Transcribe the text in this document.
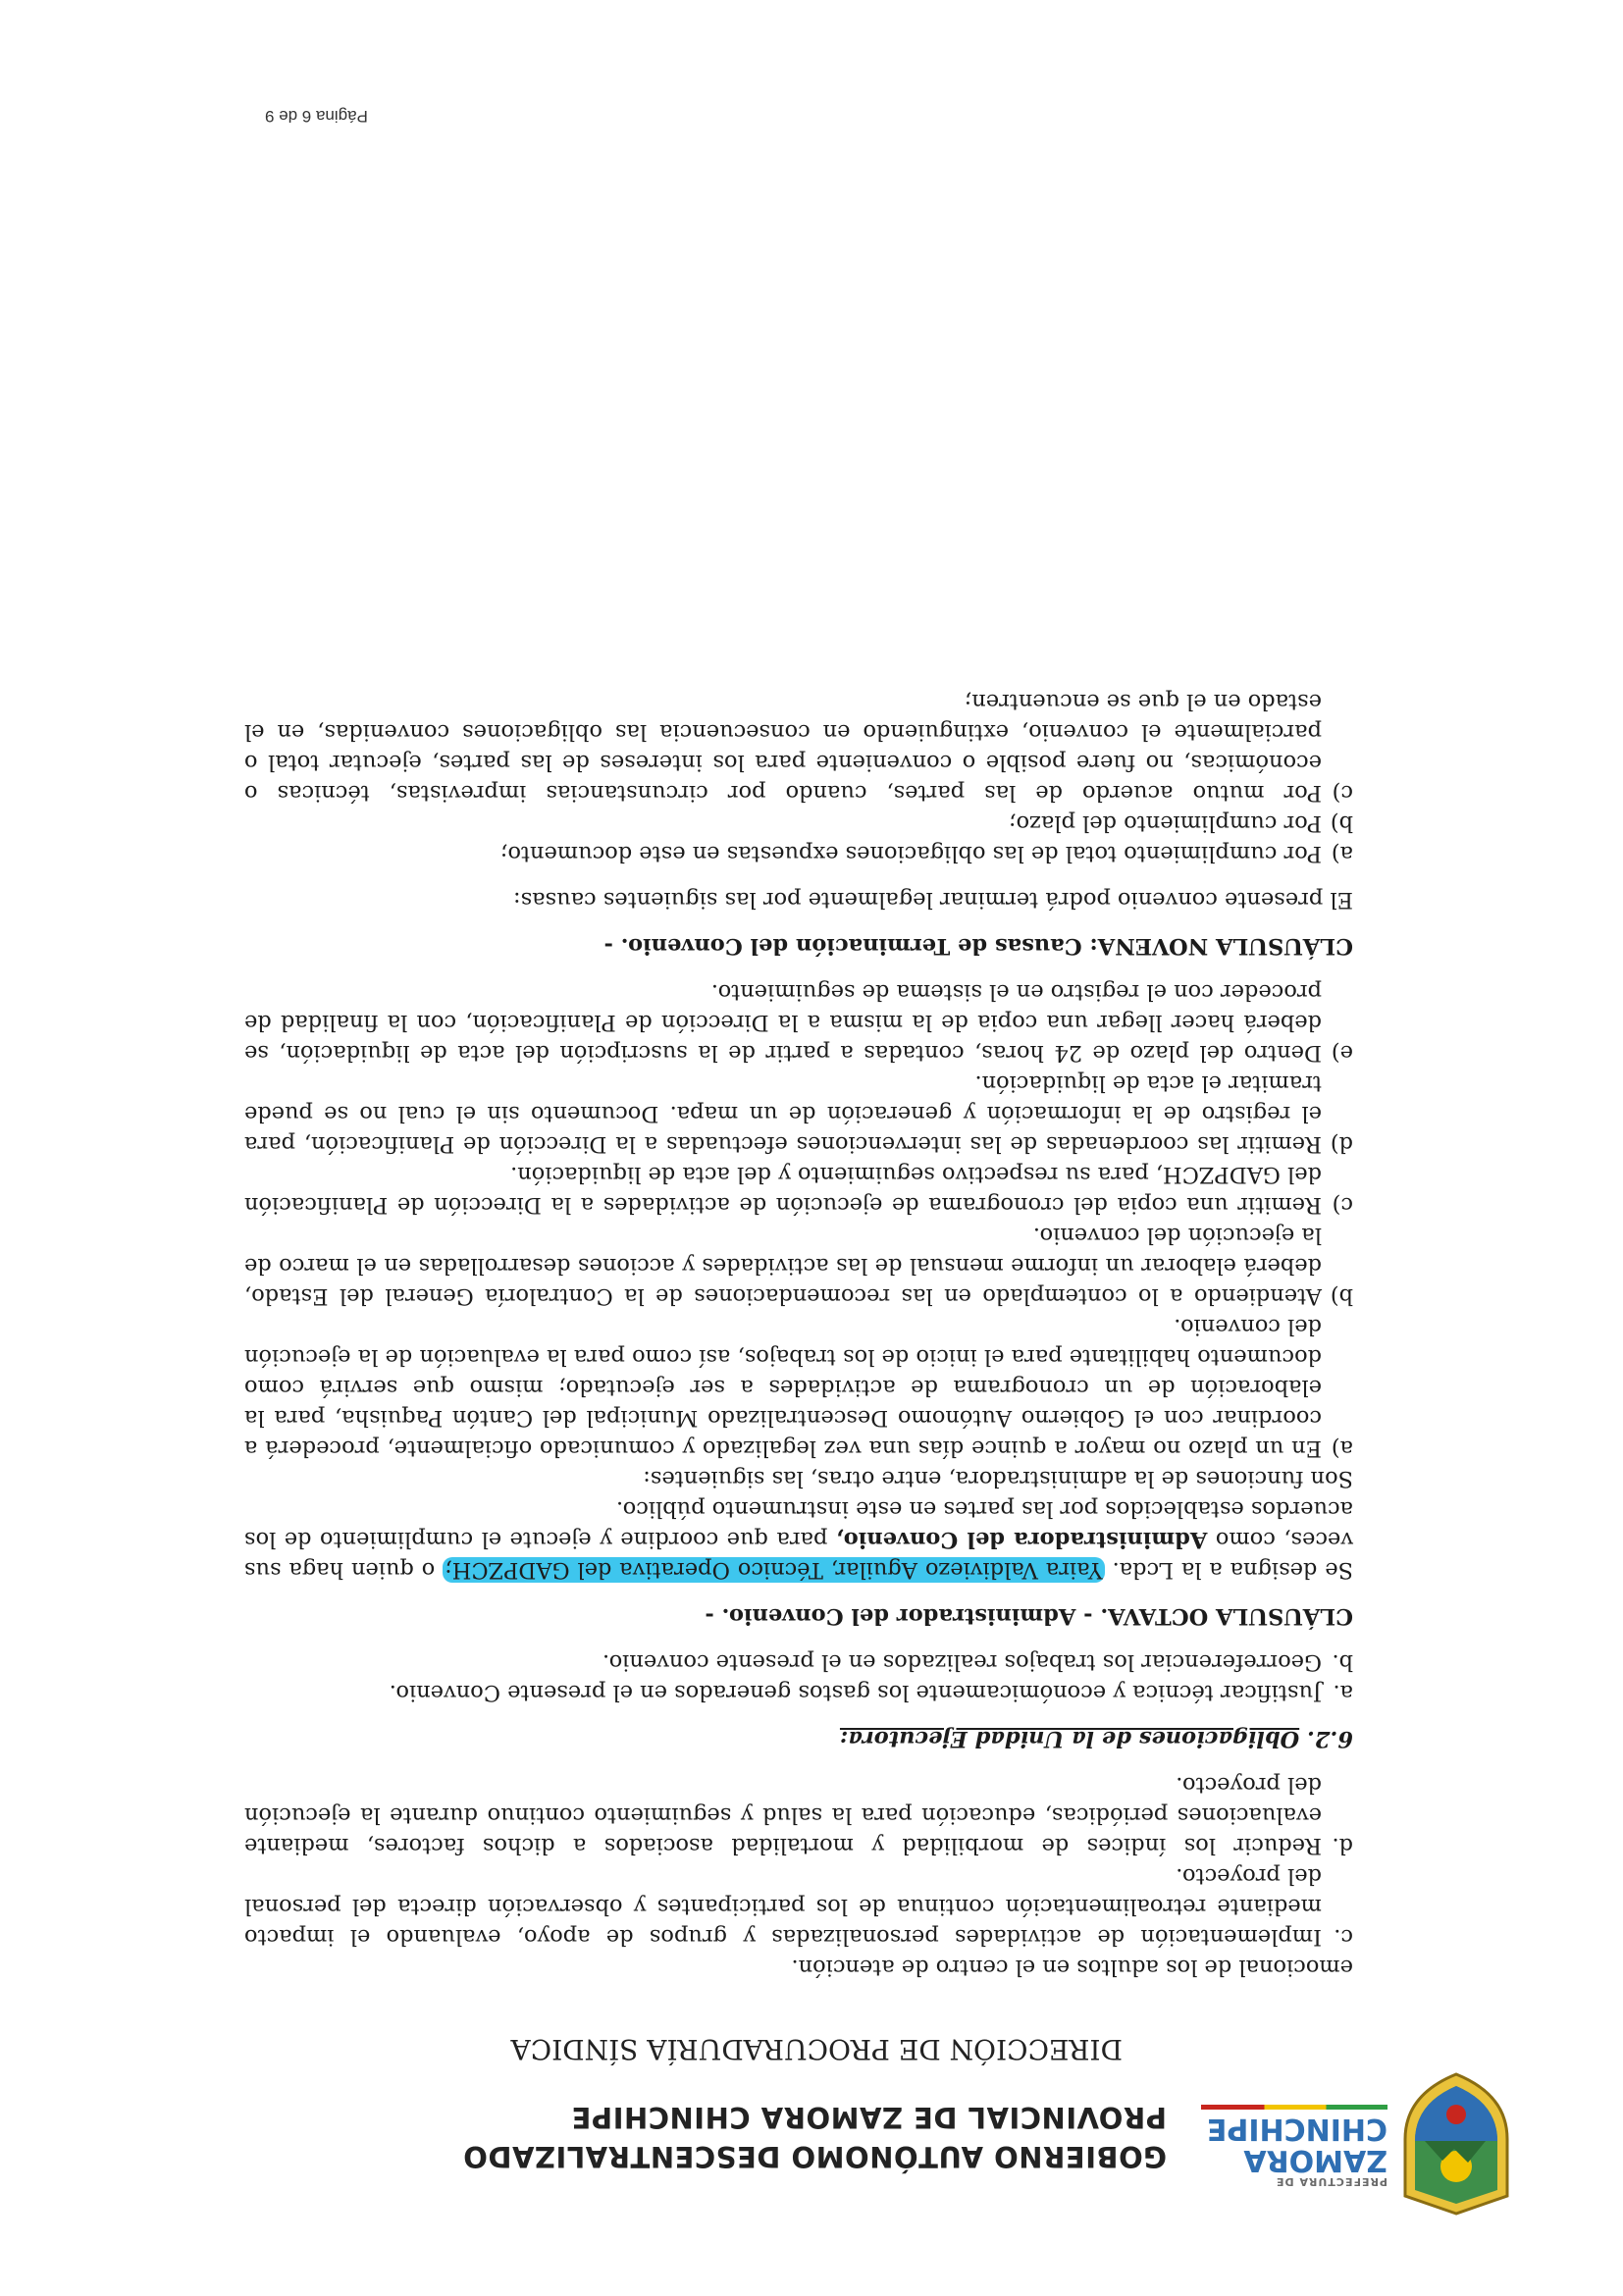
PREFECTURA DE
ZAMORA
CHINCHIPE
GOBIERNO AUTÓNOMO DESCENTRALIZADO
PROVINCIAL DE ZAMORA CHINCHIPE
DIRECCIÓN DE PROCURADURÍA SÍNDICA

emocional de los adultos en el centro de atención.

c.
Implementación de actividades personalizadas y grupos de apoyo, evaluando el impacto mediante retroalimentación continua de los participantes y observación directa del personal del proyecto.
d.
Reducir los índices de morbilidad y mortalidad asociados a dichos factores, mediante evaluaciones periódicas, educación para la salud y seguimiento continuo durante la ejecución del proyecto.

6.2. Obligaciones de la Unidad Ejecutora:

a.
Justificar técnica y económicamente los gastos generados en el presente Convenio.
b.
Georreferenciar los trabajos realizados en el presente convenio.

CLÁUSULA OCTAVA. - Administrador del Convenio. -

Se designa a la Lcda. Yaira Valdiviezo Aguilar, Técnico Operativa del GADPZCH; o quien haga sus veces, como Administradora del Convenio, para que coordine y ejecute el cumplimiento de los acuerdos establecidos por las partes en este instrumento público.

Son funciones de la administradora, entre otras, las siguientes:

a)
En un plazo no mayor a quince días una vez legalizado y comunicado oficialmente, procederá a coordinar con el Gobierno Autónomo Descentralizado Municipal del Cantón Paquisha, para la elaboración de un cronograma de actividades a ser ejecutado; mismo que servirá como documento habilitante para el inicio de los trabajos, así como para la evaluación de la ejecución del convenio.
b)
Atendiendo a lo contemplado en las recomendaciones de la Contraloría General del Estado, deberá elaborar un informe mensual de las actividades y acciones desarrolladas en el marco de la ejecución del convenio.
c)
Remitir una copia del cronograma de ejecución de actividades a la Dirección de Planificación del GADPZCH, para su respectivo seguimiento y del acta de liquidación.
d)
Remitir las coordenadas de las intervenciones efectuadas a la Dirección de Planificación, para el registro de la información y generación de un mapa. Documento sin el cual no se puede tramitar el acta de liquidación.
e)
Dentro del plazo de 24 horas, contadas a partir de la suscripción del acta de liquidación, se deberá hacer llegar una copia de la misma a la Dirección de Planificación, con la finalidad de proceder con el registro en el sistema de seguimiento.

CLÁUSULA NOVENA: Causas de Terminación del Convenio. -

El presente convenio podrá terminar legalmente por las siguientes causas:

a)
Por cumplimiento total de las obligaciones expuestas en este documento;
b)
Por cumplimiento del plazo;
c)
Por mutuo acuerdo de las partes, cuando por circunstancias imprevistas, técnicas o económicas, no fuere posible o conveniente para los intereses de las partes, ejecutar total o parcialmente el convenio, extinguiendo en consecuencia las obligaciones convenidas, en el estado en el que se encuentren;
Página 6 de 9
